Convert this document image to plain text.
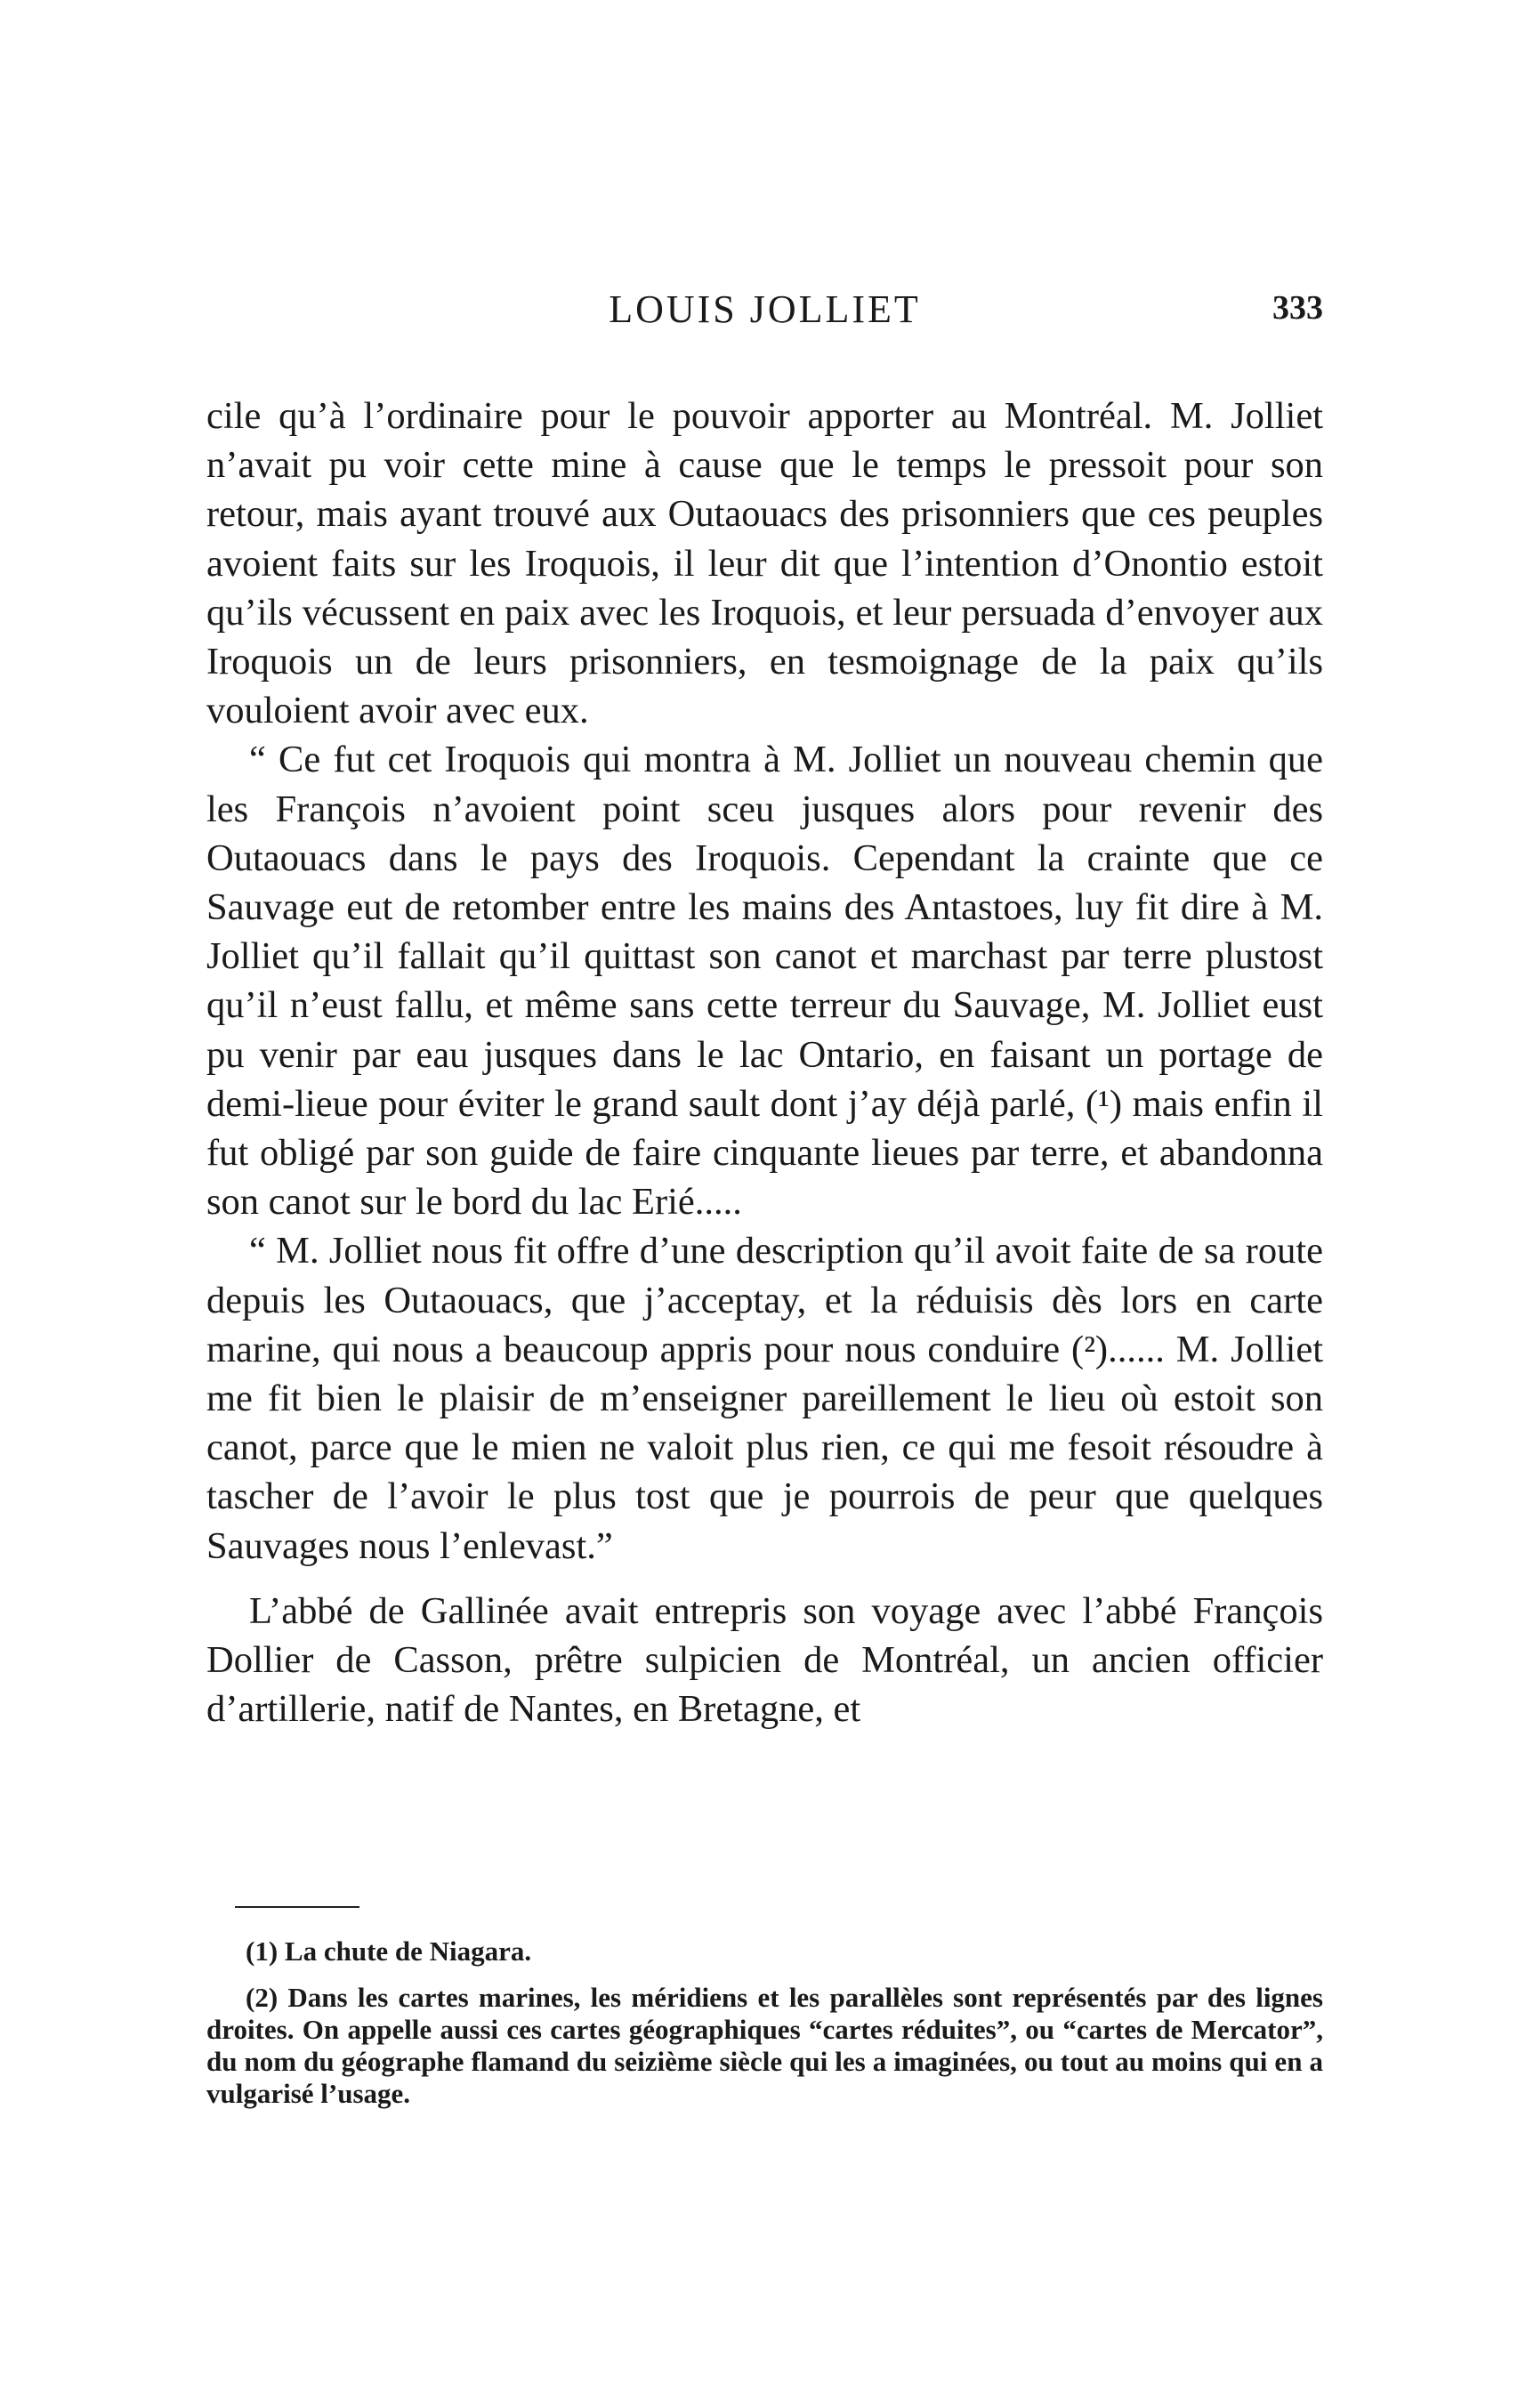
LOUIS JOLLIET	333

cile qu’à l’ordinaire pour le pouvoir apporter au Montréal. M. Jolliet n’avait pu voir cette mine à cause que le temps le pressoit pour son retour, mais ayant trouvé aux Outaouacs des prisonniers que ces peuples avoient faits sur les Iroquois, il leur dit que l’intention d’Onontio estoit qu’ils vécussent en paix avec les Iroquois, et leur persuada d’envoyer aux Iroquois un de leurs prisonniers, en tesmoignage de la paix qu’ils vouloient avoir avec eux.

“ Ce fut cet Iroquois qui montra à M. Jolliet un nouveau chemin que les François n’avoient point sceu jusques alors pour revenir des Outaouacs dans le pays des Iroquois. Cependant la crainte que ce Sauvage eut de retomber entre les mains des Antastoes, luy fit dire à M. Jolliet qu’il fallait qu’il quittast son canot et marchast par terre plustost qu’il n’eust fallu, et même sans cette terreur du Sauvage, M. Jolliet eust pu venir par eau jusques dans le lac Ontario, en faisant un portage de demi-lieue pour éviter le grand sault dont j’ay déjà parlé, (¹) mais enfin il fut obligé par son guide de faire cinquante lieues par terre, et abandonna son canot sur le bord du lac Erié.....

“ M. Jolliet nous fit offre d’une description qu’il avoit faite de sa route depuis les Outaouacs, que j’acceptay, et la réduisis dès lors en carte marine, qui nous a beaucoup appris pour nous conduire (²)...... M. Jolliet me fit bien le plaisir de m’enseigner pareillement le lieu où estoit son canot, parce que le mien ne valoit plus rien, ce qui me fesoit résoudre à tascher de l’avoir le plus tost que je pourrois de peur que quelques Sauvages nous l’enlevast.”

L’abbé de Gallinée avait entrepris son voyage avec l’abbé François Dollier de Casson, prêtre sulpicien de Montréal, un ancien officier d’artillerie, natif de Nantes, en Bretagne, et

(1) La chute de Niagara.

(2) Dans les cartes marines, les méridiens et les parallèles sont représentés par des lignes droites. On appelle aussi ces cartes géographiques “cartes réduites”, ou “cartes de Mercator”, du nom du géographe flamand du seizième siècle qui les a imaginées, ou tout au moins qui en a vulgarisé l’usage.
